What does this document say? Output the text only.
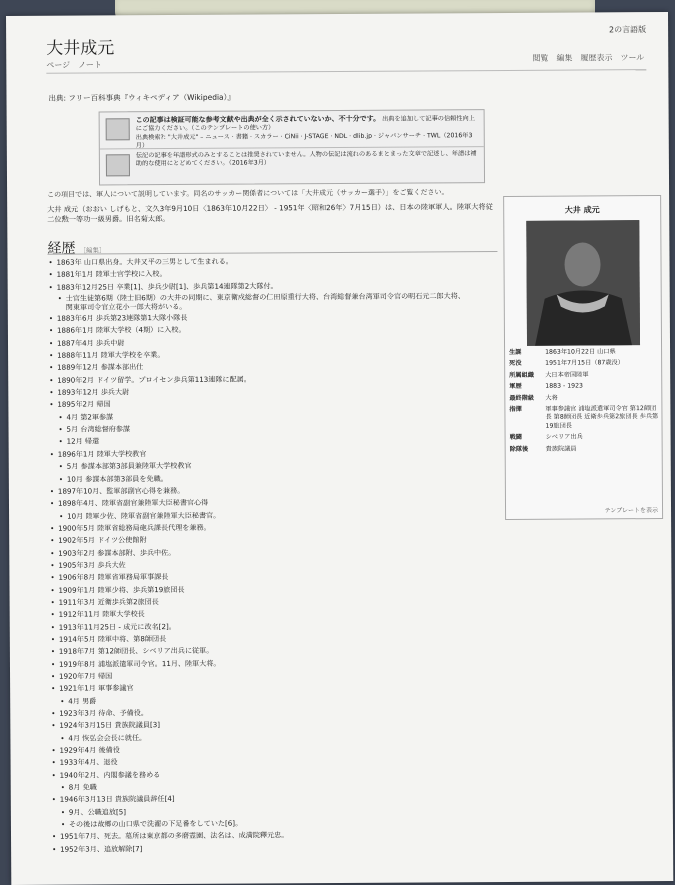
大井成元
2の言語版
ページ ノート
閲覧 編集 履歴表示 ツール
出典: フリー百科事典『ウィキペディア（Wikipedia）』
この記事は検証可能な参考文献や出典が全く示されていないか、不十分です。 出典を追加して記事の信頼性向上にご協力ください。（このテンプレートの使い方）
出典検索?: "大井成元" – ニュース · 書籍 · スカラー · CiNii · J-STAGE · NDL · dlib.jp · ジャパンサーチ · TWL（2016年3月）
伝記の記事を年譜形式のみとすることは推奨されていません。人物の伝記は流れのあるまとまった文章で記述し、年譜は補助的な使用にとどめてください。（2016年3月）
この項目では、軍人について説明しています。同名のサッカー関係者については「大井成元（サッカー選手）」をご覧ください。
大井 成元（おおい しげもと、文久3年9月10日〈1863年10月22日〉 - 1951年〈昭和26年〉7月15日）は、日本の陸軍軍人。陸軍大将従二位勲一等功一級男爵。旧名菊太郎。
経歴 ［編集］
• 1863年 山口県出身。大井又平の三男として生まれる。
• 1881年1月 陸軍士官学校に入校。
• 1883年12月25日 卒業[1]、歩兵少尉[1]、歩兵第14連隊第2大隊付。
• 士官生徒第6期（陸士旧6期）の大井の同期に、東京衛戍総督の仁田原重行大将、台湾総督兼台湾軍司令官の明石元二郎大将、関東軍司令官立花小一郎大将がいる。
• 1883年6月 歩兵第23連隊第1大隊小隊長
• 1886年1月 陸軍大学校（4期）に入校。
• 1887年4月 歩兵中尉
• 1888年11月 陸軍大学校を卒業。
• 1889年12月 参謀本部出仕
• 1890年2月 ドイツ留学。プロイセン歩兵第113連隊に配属。
• 1893年12月 歩兵大尉
• 1895年2月 帰国
• 4月 第2軍参謀
• 5月 台湾総督府参謀
• 12月 帰還
• 1896年1月 陸軍大学校教官
• 5月 参謀本部第3部員兼陸軍大学校教官
• 10月 参謀本部第3部員を免職。
• 1897年10月、監軍部副官心得を兼務。
• 1898年4月、陸軍省副官兼陸軍大臣秘書官心得
• 10月 陸軍少佐、陸軍省副官兼陸軍大臣秘書官。
• 1900年5月 陸軍省総務局砲兵課長代理を兼務。
• 1902年5月 ドイツ公使館附
• 1903年2月 参謀本部附、歩兵中佐。
• 1905年3月 歩兵大佐
• 1906年8月 陸軍省軍務局軍事課長
• 1909年1月 陸軍少将、歩兵第19旅団長
• 1911年3月 近衛歩兵第2旅団長
• 1912年11月 陸軍大学校長
• 1913年11月25日 - 成元に改名[2]。
• 1914年5月 陸軍中将、第8師団長
• 1918年7月 第12師団長、シベリア出兵に従軍。
• 1919年8月 浦塩派遣軍司令官。11月、陸軍大将。
• 1920年7月 帰国
• 1921年1月 軍事参議官
• 4月 男爵
• 1923年3月 待命、予備役。
• 1924年3月15日 貴族院議員[3]
• 4月 恢弘会会長に就任。
• 1929年4月 後備役
• 1933年4月、退役
• 1940年2月、内閣参議を務める
• 8月 免職
• 1946年3月13日 貴族院議員辞任[4]
• 9月、公職追放[5]
• その後は故郷の山口県で洗濯の下足番をしていた[6]。
• 1951年7月、死去。墓所は東京都の多磨霊園、法名は、成満院釋元忠。
• 1952年3月、追放解除[7]
大井 成元
生誕	1863年10月22日 山口県
死没	1951年7月15日（87歳没）
所属組織	大日本帝国陸軍
軍歴	1883 - 1923
最終階級	大将
指揮	軍事参議官 浦塩派遣軍司令官 第12師団長 第8師団長 近衛歩兵第2旅団長 歩兵第19旅団長
戦闘	シベリア出兵
除隊後	貴族院議員
テンプレートを表示
